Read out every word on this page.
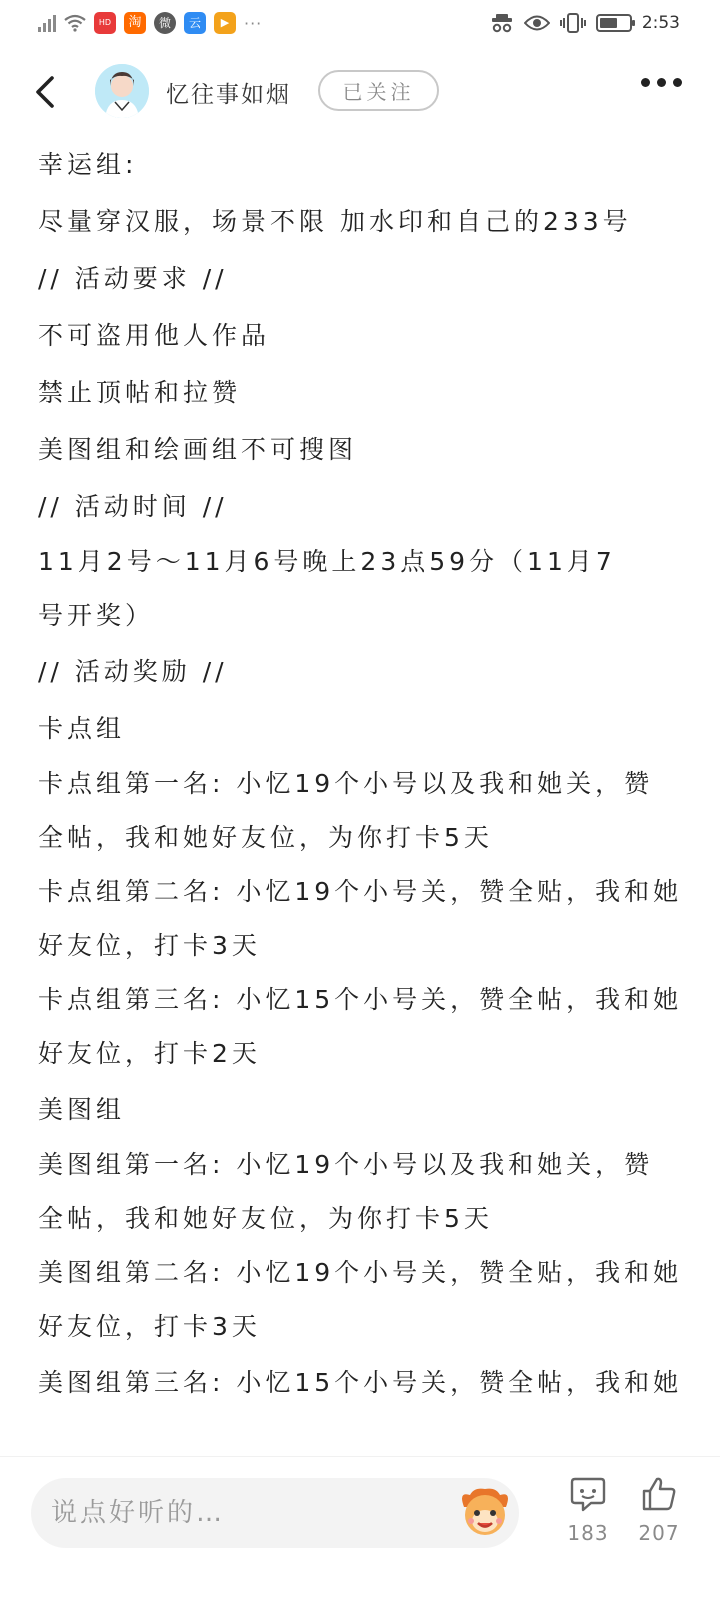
HD	淘	微	云	▶ ···	2:53
忆往事如烟	已关注
幸运组:
尽量穿汉服，场景不限 加水印和自己的233号
// 活动要求 //
不可盗用他人作品
禁止顶帖和拉赞
美图组和绘画组不可搜图
// 活动时间 //
11月2号～11月6号晚上23点59分（11月7号开奖）
// 活动奖励 //
卡点组
卡点组第一名: 小忆19个小号以及我和她关，赞全帖，我和她好友位，为你打卡5天
卡点组第二名: 小忆19个小号关，赞全贴，我和她好友位，打卡3天
卡点组第三名: 小忆15个小号关，赞全帖，我和她好友位，打卡2天
美图组
美图组第一名: 小忆19个小号以及我和她关，赞全帖，我和她好友位，为你打卡5天
美图组第二名: 小忆19个小号关，赞全贴，我和她好友位，打卡3天
美图组第三名: 小忆15个小号关，赞全帖，我和她
说点好听的…
183 207
